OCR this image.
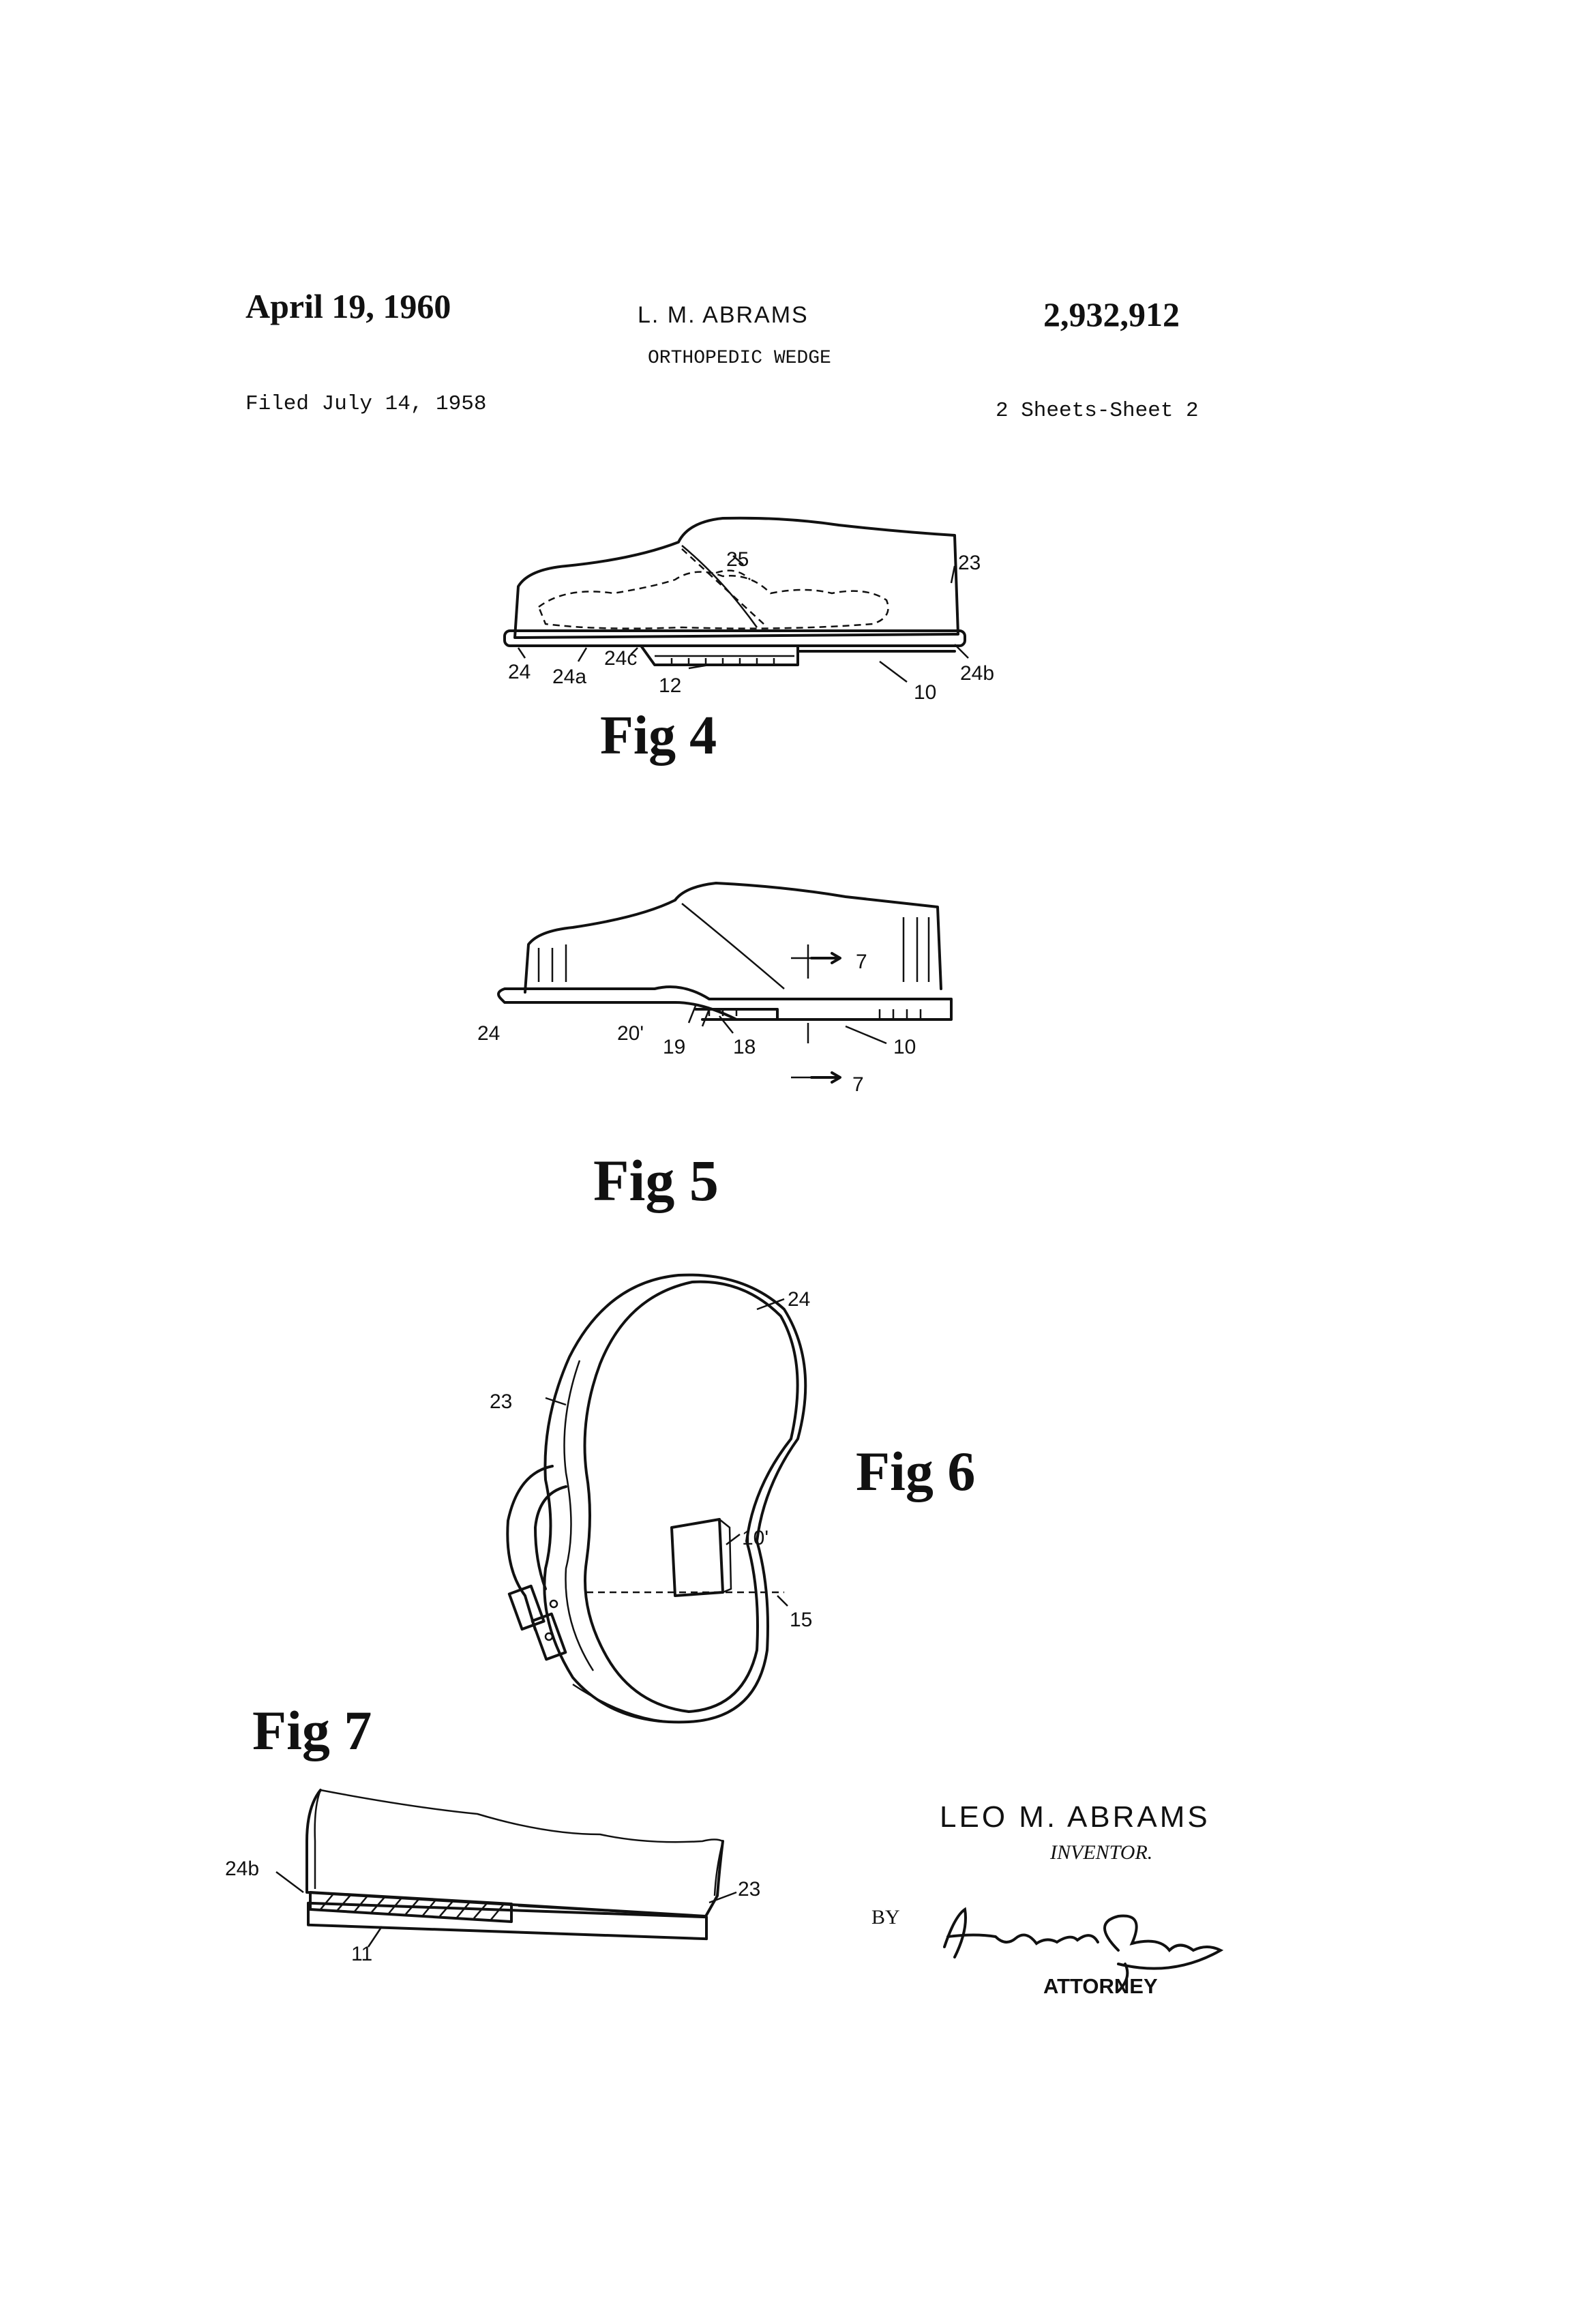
April 19, 1960	L. M. ABRAMS	2,932,912
ORTHOPEDIC WEDGE
Filed July 14, 1958	2 Sheets-Sheet 2
25	23
24 24a
24c
12	10
24b
Fig 4
7
24	20'
19 18	10
7
Fig 5
24
23
10'
15
Fig 6
Fig 7
24b
23
11
LEO M. ABRAMS
INVENTOR.
BY
ATTORNEY
